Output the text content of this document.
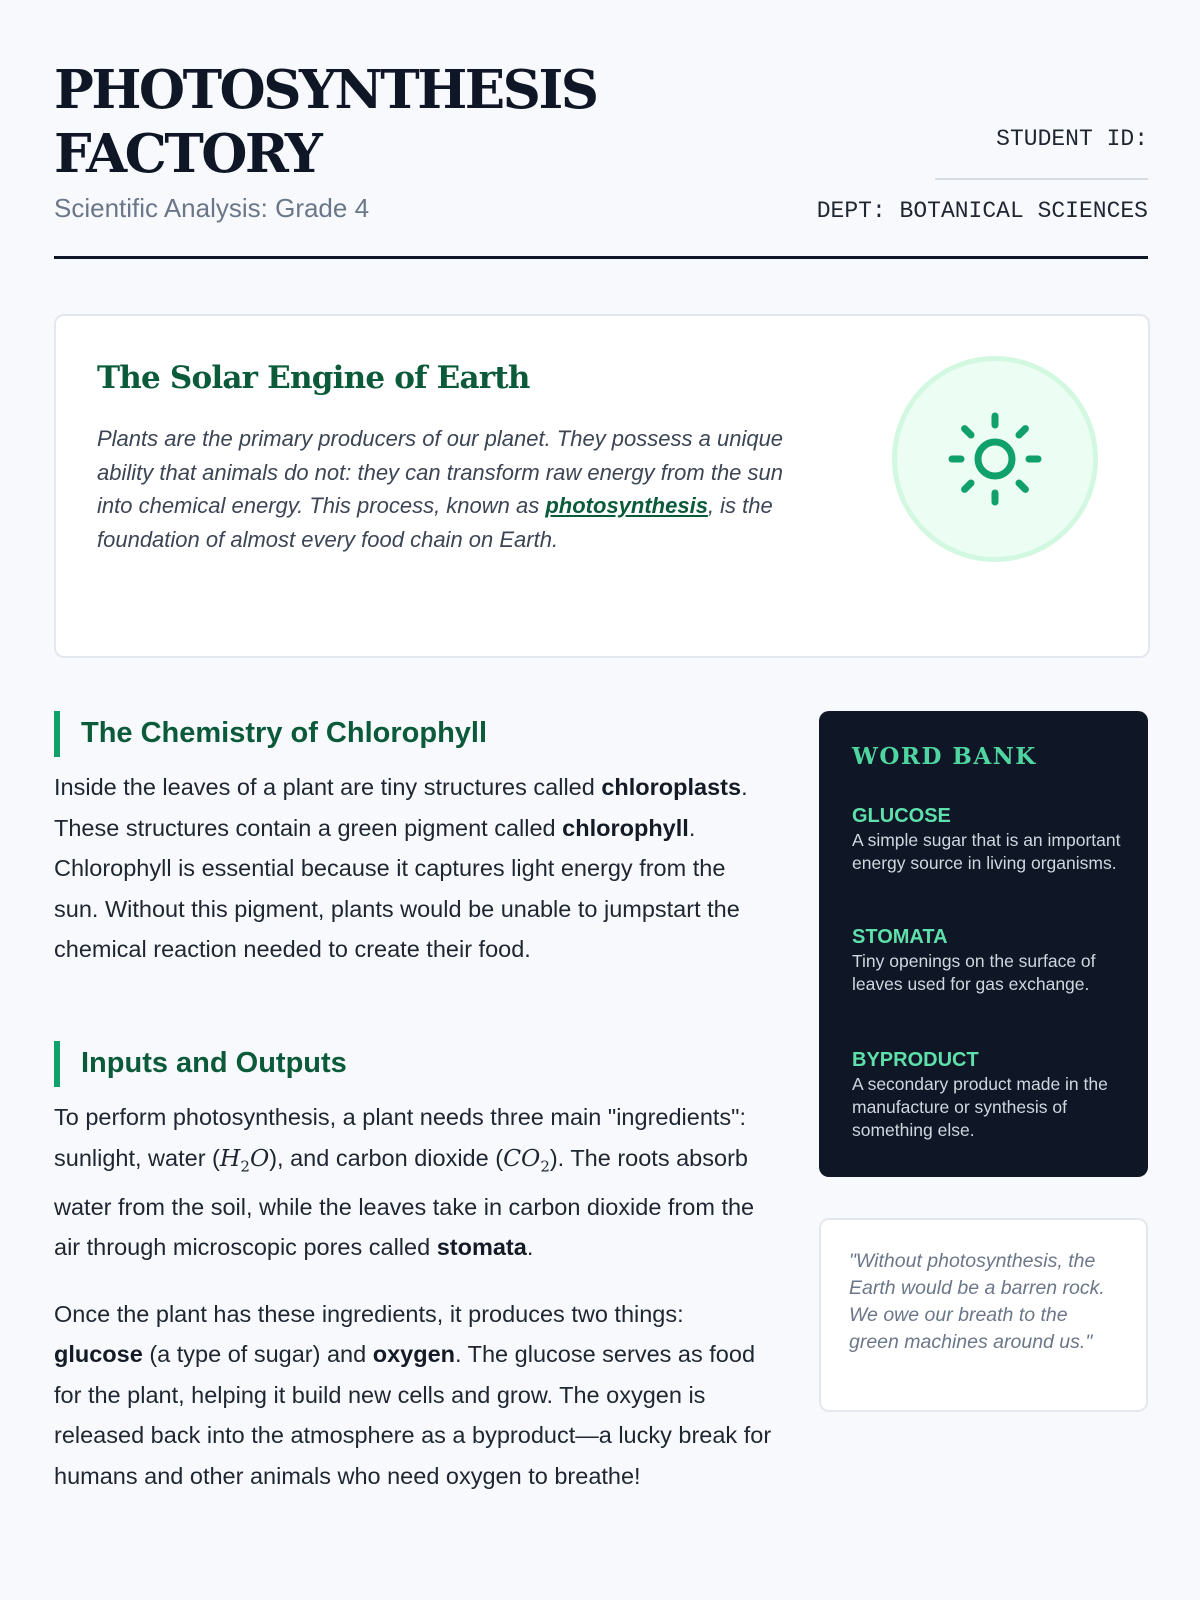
PHOTOSYNTHESIS
FACTORY
Scientific Analysis: Grade 4
STUDENT ID:
DEPT: BOTANICAL SCIENCES
The Solar Engine of Earth

Plants are the primary producers of our planet. They possess a unique ability that animals do not: they can transform raw energy from the sun into chemical energy. This process, known as photosynthesis, is the foundation of almost every food chain on Earth.

The Chemistry of Chlorophyll

Inside the leaves of a plant are tiny structures called chloroplasts. These structures contain a green pigment called chlorophyll. Chlorophyll is essential because it captures light energy from the sun. Without this pigment, plants would be unable to jumpstart the chemical reaction needed to create their food.

Inputs and Outputs

To perform photosynthesis, a plant needs three main "ingredients": sunlight, water $(H_2O)$, and carbon dioxide $(CO_2)$. The roots absorb water from the soil, while the leaves take in carbon dioxide from the air through microscopic pores called stomata.

Once the plant has these ingredients, it produces two things: glucose (a type of sugar) and oxygen. The glucose serves as food for the plant, helping it build new cells and grow. The oxygen is released back into the atmosphere as a byproduct—a lucky break for humans and other animals who need oxygen to breathe!

WORD BANK
GLUCOSE
A simple sugar that is an important energy source in living organisms.
STOMATA
Tiny openings on the surface of leaves used for gas exchange.
BYPRODUCT
A secondary product made in the manufacture or synthesis of something else.

"Without photosynthesis, the Earth would be a barren rock. We owe our breath to the green machines around us."
